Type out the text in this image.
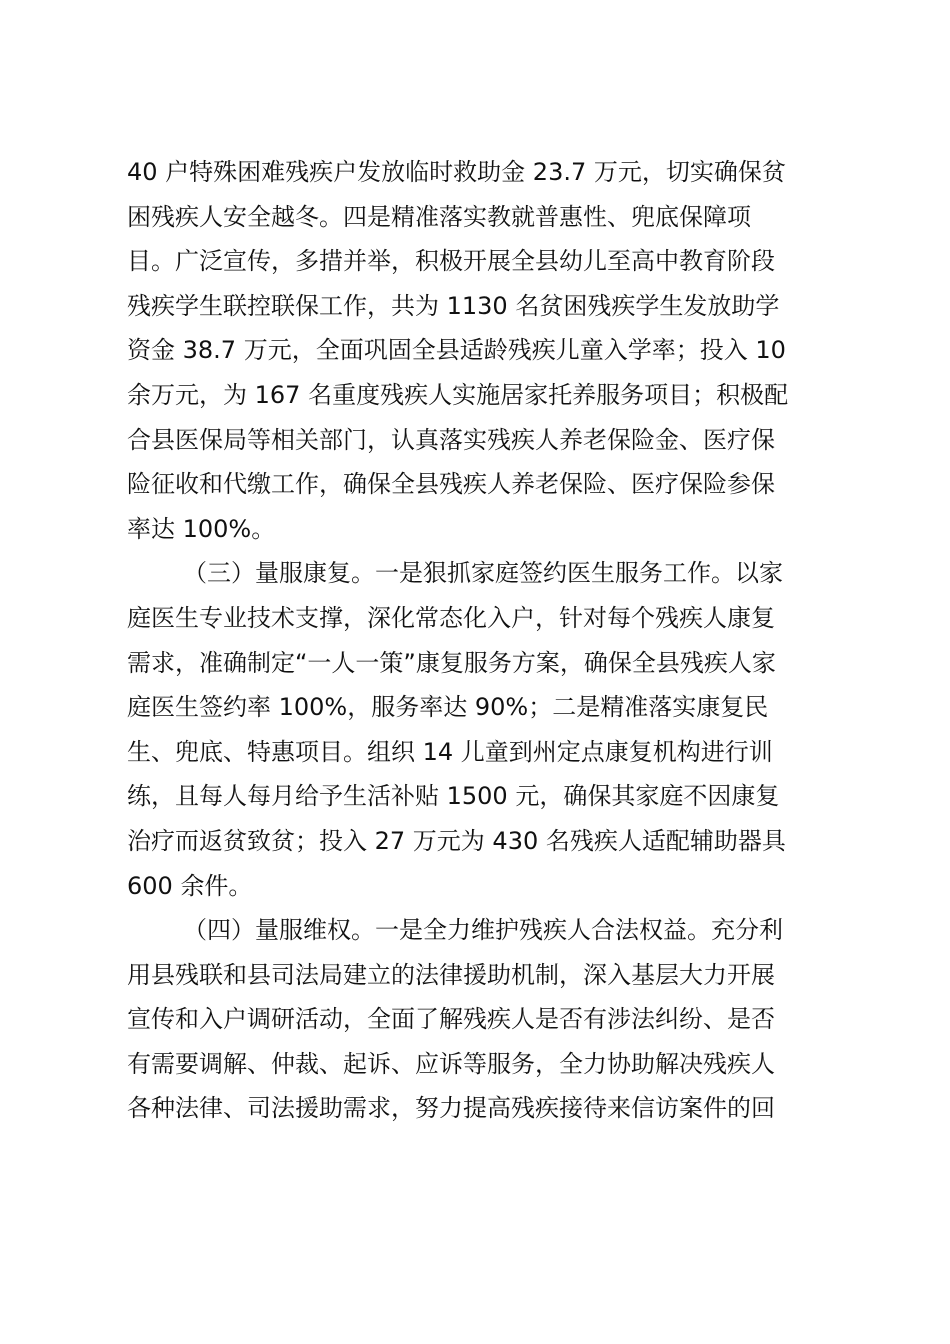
40 户特殊困难残疾户发放临时救助金 23.7 万元，切实确保贫
困残疾人安全越冬。四是精准落实教就普惠性、兜底保障项
目。广泛宣传，多措并举，积极开展全县幼儿至高中教育阶段
残疾学生联控联保工作，共为 1130 名贫困残疾学生发放助学
资金 38.7 万元，全面巩固全县适龄残疾儿童入学率；投入 10
余万元，为 167 名重度残疾人实施居家托养服务项目；积极配
合县医保局等相关部门，认真落实残疾人养老保险金、医疗保
险征收和代缴工作，确保全县残疾人养老保险、医疗保险参保
率达 100%。
（三）量服康复。一是狠抓家庭签约医生服务工作。以家
庭医生专业技术支撑，深化常态化入户，针对每个残疾人康复
需求，准确制定“一人一策”康复服务方案，确保全县残疾人家
庭医生签约率 100%，服务率达 90%；二是精准落实康复民
生、兜底、特惠项目。组织 14 儿童到州定点康复机构进行训
练，且每人每月给予生活补贴 1500 元，确保其家庭不因康复
治疗而返贫致贫；投入 27 万元为 430 名残疾人适配辅助器具
600 余件。
（四）量服维权。一是全力维护残疾人合法权益。充分利
用县残联和县司法局建立的法律援助机制，深入基层大力开展
宣传和入户调研活动，全面了解残疾人是否有涉法纠纷、是否
有需要调解、仲裁、起诉、应诉等服务，全力协助解决残疾人
各种法律、司法援助需求，努力提高残疾接待来信访案件的回
